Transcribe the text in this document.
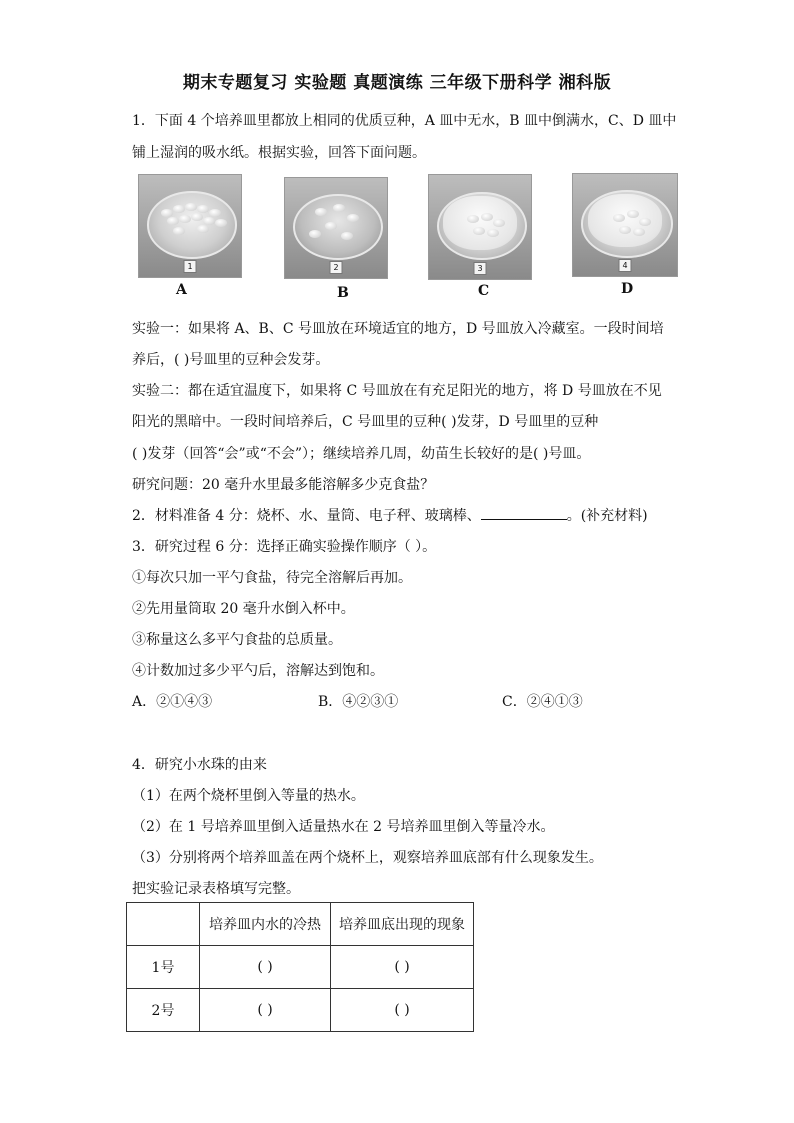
期末专题复习 实验题 真题演练 三年级下册科学 湘科版
1．下面 4 个培养皿里都放上相同的优质豆种，A 皿中无水，B 皿中倒满水，C、D 皿中
铺上湿润的吸水纸。根据实验，回答下面问题。
1
A
2
B
3
C
4
D
实验一：如果将 A、B、C 号皿放在环境适宜的地方，D 号皿放入冷藏室。一段时间培
养后，( )号皿里的豆种会发芽。
实验二：都在适宜温度下，如果将 C 号皿放在有充足阳光的地方，将 D 号皿放在不见
阳光的黑暗中。一段时间培养后，C 号皿里的豆种( )发芽，D 号皿里的豆种
( )发芽（回答“会”或“不会”）；继续培养几周，幼苗生长较好的是( )号皿。
研究问题：20 毫升水里最多能溶解多少克食盐？
2．材料准备 4 分：烧杯、水、量筒、电子秤、玻璃棒、	。(补充材料)
3．研究过程 6 分：选择正确实验操作顺序（ ）。
①每次只加一平勺食盐，待完全溶解后再加。
②先用量筒取 20 毫升水倒入杯中。
③称量这么多平勺食盐的总质量。
④计数加过多少平勺后，溶解达到饱和。
A．②①④③	B．④②③①	C．②④①③
4．研究小水珠的由来
（1）在两个烧杯里倒入等量的热水。
（2）在 1 号培养皿里倒入适量热水在 2 号培养皿里倒入等量冷水。
（3）分别将两个培养皿盖在两个烧杯上，观察培养皿底部有什么现象发生。
把实验记录表格填写完整。
	培养皿内水的冷热	培养皿底出现的现象
1号	( )	( )
2号	( )	( )
